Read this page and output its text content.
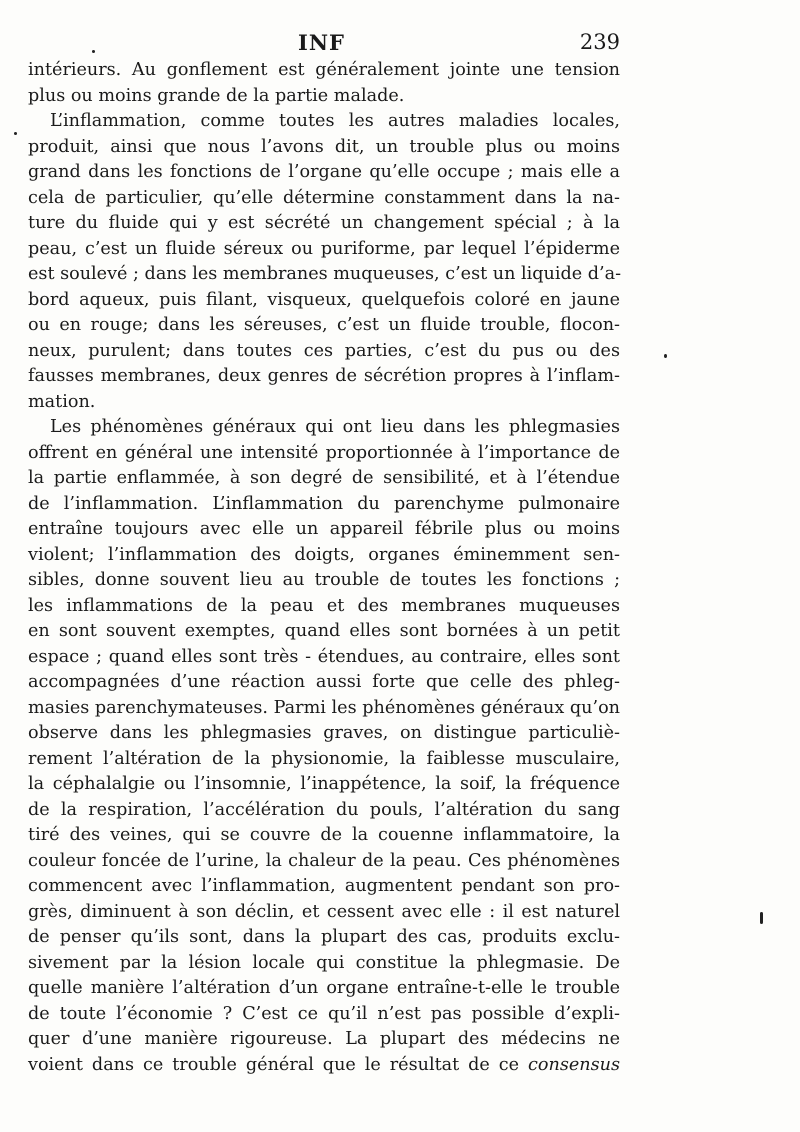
INF	239
intérieurs. Au gonflement est généralement jointe une tension
plus ou moins grande de la partie malade.
L’inflammation, comme toutes les autres maladies locales,
produit, ainsi que nous l’avons dit, un trouble plus ou moins
grand dans les fonctions de l’organe qu’elle occupe ; mais elle a
cela de particulier, qu’elle détermine constamment dans la na-
ture du fluide qui y est sécrété un changement spécial ; à la
peau, c’est un fluide séreux ou puriforme, par lequel l’épiderme
est soulevé ; dans les membranes muqueuses, c’est un liquide d’a-
bord aqueux, puis filant, visqueux, quelquefois coloré en jaune
ou en rouge; dans les séreuses, c’est un fluide trouble, flocon-
neux, purulent; dans toutes ces parties, c’est du pus ou des
fausses membranes, deux genres de sécrétion propres à l’inflam-
mation.
Les phénomènes généraux qui ont lieu dans les phlegmasies
offrent en général une intensité proportionnée à l’importance de
la partie enflammée, à son degré de sensibilité, et à l’étendue
de l’inflammation. L’inflammation du parenchyme pulmonaire
entraîne toujours avec elle un appareil fébrile plus ou moins
violent; l’inflammation des doigts, organes éminemment sen-
sibles, donne souvent lieu au trouble de toutes les fonctions ;
les inflammations de la peau et des membranes muqueuses
en sont souvent exemptes, quand elles sont bornées à un petit
espace ; quand elles sont très - étendues, au contraire, elles sont
accompagnées d’une réaction aussi forte que celle des phleg-
masies parenchymateuses. Parmi les phénomènes généraux qu’on
observe dans les phlegmasies graves, on distingue particuliè-
rement l’altération de la physionomie, la faiblesse musculaire,
la céphalalgie ou l’insomnie, l’inappétence, la soif, la fréquence
de la respiration, l’accélération du pouls, l’altération du sang
tiré des veines, qui se couvre de la couenne inflammatoire, la
couleur foncée de l’urine, la chaleur de la peau. Ces phénomènes
commencent avec l’inflammation, augmentent pendant son pro-
grès, diminuent à son déclin, et cessent avec elle : il est naturel
de penser qu’ils sont, dans la plupart des cas, produits exclu-
sivement par la lésion locale qui constitue la phlegmasie. De
quelle manière l’altération d’un organe entraîne-t-elle le trouble
de toute l’économie ? C’est ce qu’il n’est pas possible d’expli-
quer d’une manière rigoureuse. La plupart des médecins ne
voient dans ce trouble général que le résultat de ce consensus
